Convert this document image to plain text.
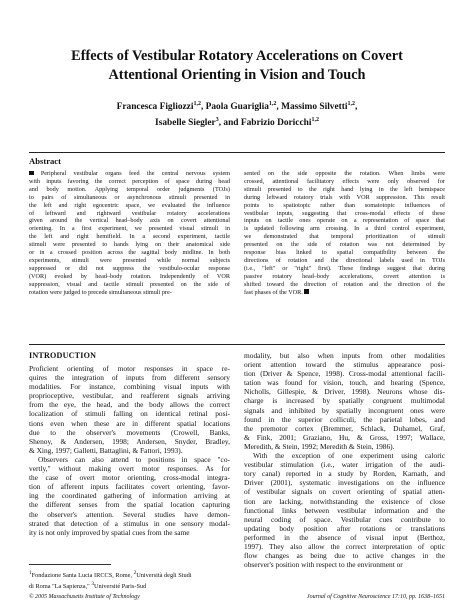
Effects of Vestibular Rotatory Accelerations on Covert
Attentional Orienting in Vision and Touch
Francesca Figliozzi$^{1,2}$, Paola Guariglia$^{1,2}$, Massimo Silvetti$^{1,2}$,
Isabelle Siegler$^3$, and Fabrizio Doricchi$^{1,2}$
Abstract
Peripheral vestibular organs feed the central nervous system
with inputs favoring the correct perception of space during head
and body motion. Applying temporal order judgments (TOJs)
to pairs of simultaneous or asynchronous stimuli presented in
the left and right egocentric space, we evaluated the influence
of leftward and rightward vestibular rotatory accelerations
given around the vertical head–body axis on covert attentional
orienting. In a first experiment, we presented visual stimuli in
the left and right hemifield. In a second experiment, tactile
stimuli were presented to hands lying on their anatomical side
or in a crossed position across the sagittal body midline. In both
experiments, stimuli were presented while normal subjects
suppressed or did not suppress the vestibulo-ocular response
(VOR) evoked by head–body rotation. Independently of VOR
suppression, visual and tactile stimuli presented on the side of
rotation were judged to precede simultaneous stimuli pre-
sented on the side opposite the rotation. When limbs were
crossed, attentional facilitatory effects were only observed for
stimuli presented to the right hand lying in the left hemispace
during leftward rotatory trials with VOR suppression. This result
points to spatiotopic rather than somatotopic influences of
vestibular inputs, suggesting that cross-modal effects of these
inputs on tactile ones operate on a representation of space that
is updated following arm crossing. In a third control experiment,
we demonstrated that temporal prioritization of stimuli
presented on the side of rotation was not determined by
response bias linked to spatial compatibility between the
directions of rotation and the directional labels used in TOJs
(i.e., "left" or "right" first). These findings suggest that during
passive rotatory head–body accelerations, covert attention is
shifted toward the direction of rotation and the direction of the
fast phases of the VOR.
INTRODUCTION
Proficient orienting of motor responses in space re-
quires the integration of inputs from different sensory
modalities. For instance, combining visual inputs with
proprioceptive, vestibular, and reafferent signals arriving
from the eye, the head, and the body allows the correct
localization of stimuli falling on identical retinal posi-
tions even when these are in different spatial locations
due to the observer's movements (Crowell, Banks,
Shenoy, & Andersen, 1998; Andersen, Snyder, Bradley,
& Xing, 1997; Galletti, Battaglini, & Fattori, 1993).
Observers can also attend to positions in space "co-
vertly," without making overt motor responses. As for
the case of overt motor orienting, cross-modal integra-
tion of afferent inputs facilitates covert orienting, favor-
ing the coordinated gathering of information arriving at
the different senses from the spatial location capturing
the observer's attention. Several studies have demon-
strated that detection of a stimulus in one sensory modal-
ity is not only improved by spatial cues from the same
modality, but also when inputs from other modalities
orient attention toward the stimulus appearance posi-
tion (Driver & Spence, 1998). Cross-modal attentional facili-
tation was found for vision, touch, and hearing (Spence,
Nicholls, Gillespie, & Driver, 1998). Neurons whose dis-
charge is increased by spatially congruent multimodal
signals and inhibited by spatially incongruent ones were
found in the superior colliculi, the parietal lobes, and
the premotor cortex (Bremmer, Schlack, Duhamel, Graf,
& Fink, 2001; Graziano, Hu, & Gross, 1997; Wallace,
Meredith, & Stein, 1992; Meredith & Stein, 1986).
With the exception of one experiment using caloric
vestibular stimulation (i.e., water irrigation of the audi-
tory canal) reported in a study by Rorden, Karnath, and
Driver (2001), systematic investigations on the influence
of vestibular signals on covert orienting of spatial atten-
tion are lacking, notwithstanding the existence of close
functional links between vestibular information and the
neural coding of space. Vestibular cues contribute to
updating body position after rotations or translations
performed in the absence of visual input (Berthoz,
1997). They also allow the correct interpretation of optic
flow changes as being due to active changes in the
observer's position with respect to the environment or
$^1$Fondazione Santa Lucia IRCCS, Rome, $^2$Università degli Studi
di Roma "La Sapienza," $^3$Université Paris-Sud
© 2005 Massachusetts Institute of Technology	Journal of Cognitive Neuroscience 17:10, pp. 1638–1651
